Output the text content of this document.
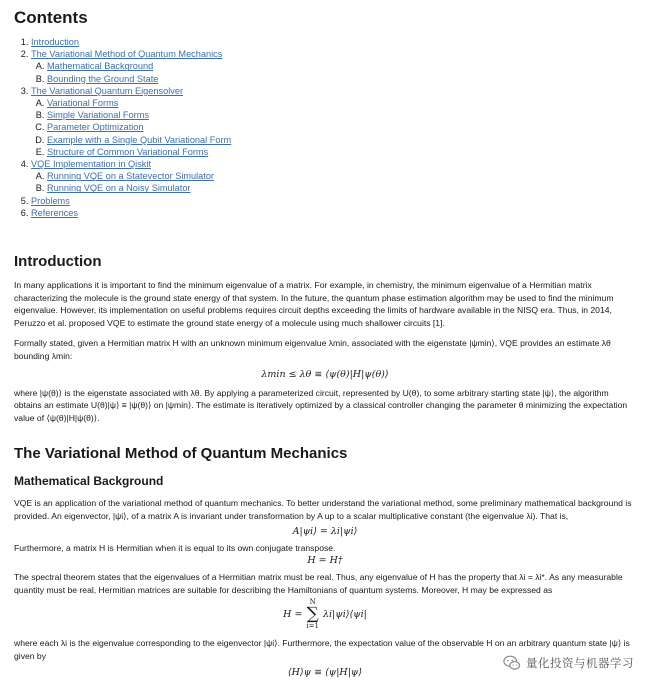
Contents
1. Introduction
2. The Variational Method of Quantum Mechanics
A. Mathematical Background
B. Bounding the Ground State
3. The Variational Quantum Eigensolver
A. Variational Forms
B. Simple Variational Forms
C. Parameter Optimization
D. Example with a Single Qubit Variational Form
E. Structure of Common Variational Forms
4. VQE Implementation in Qiskit
A. Running VQE on a Statevector Simulator
B. Running VQE on a Noisy Simulator
5. Problems
6. References
Introduction

In many applications it is important to find the minimum eigenvalue of a matrix. For example, in chemistry, the minimum eigenvalue of a Hermitian matrix characterizing the molecule is the ground state energy of that system. In the future, the quantum phase estimation algorithm may be used to find the minimum eigenvalue. However, its implementation on useful problems requires circuit depths exceeding the limits of hardware available in the NISQ era. Thus, in 2014, Peruzzo et al. proposed VQE to estimate the ground state energy of a molecule using much shallower circuits [1].

Formally stated, given a Hermitian matrix H with an unknown minimum eigenvalue λmin, associated with the eigenstate |ψmin⟩, VQE provides an estimate λθ bounding λmin:

λmin ≤ λθ ≡ ⟨ψ(θ)|H|ψ(θ)⟩

where |ψ(θ)⟩ is the eigenstate associated with λθ. By applying a parameterized circuit, represented by U(θ), to some arbitrary starting state |ψ⟩, the algorithm obtains an estimate U(θ)|ψ⟩ ≡ |ψ(θ)⟩ on |ψmin⟩. The estimate is iteratively optimized by a classical controller changing the parameter θ minimizing the expectation value of ⟨ψ(θ)|H|ψ(θ)⟩.

The Variational Method of Quantum Mechanics
Mathematical Background

VQE is an application of the variational method of quantum mechanics. To better understand the variational method, some preliminary mathematical background is provided. An eigenvector, |ψi⟩, of a matrix A is invariant under transformation by A up to a scalar multiplicative constant (the eigenvalue λi). That is,

A|ψi⟩ = λi|ψi⟩

Furthermore, a matrix H is Hermitian when it is equal to its own conjugate transpose.

H = H†

The spectral theorem states that the eigenvalues of a Hermitian matrix must be real. Thus, any eigenvalue of H has the property that λi = λi*. As any measurable quantity must be real, Hermitian matrices are suitable for describing the Hamiltonians of quantum systems. Moreover, H may be expressed as

H =
N
∑
i=1
λi|ψi⟩⟨ψi|

where each λi is the eigenvalue corresponding to the eigenvector |ψi⟩. Furthermore, the expectation value of the observable H on an arbitrary quantum state |ψ⟩ is given by

⟨H⟩ψ ≡ ⟨ψ|H|ψ⟩

量化投资与机器学习
